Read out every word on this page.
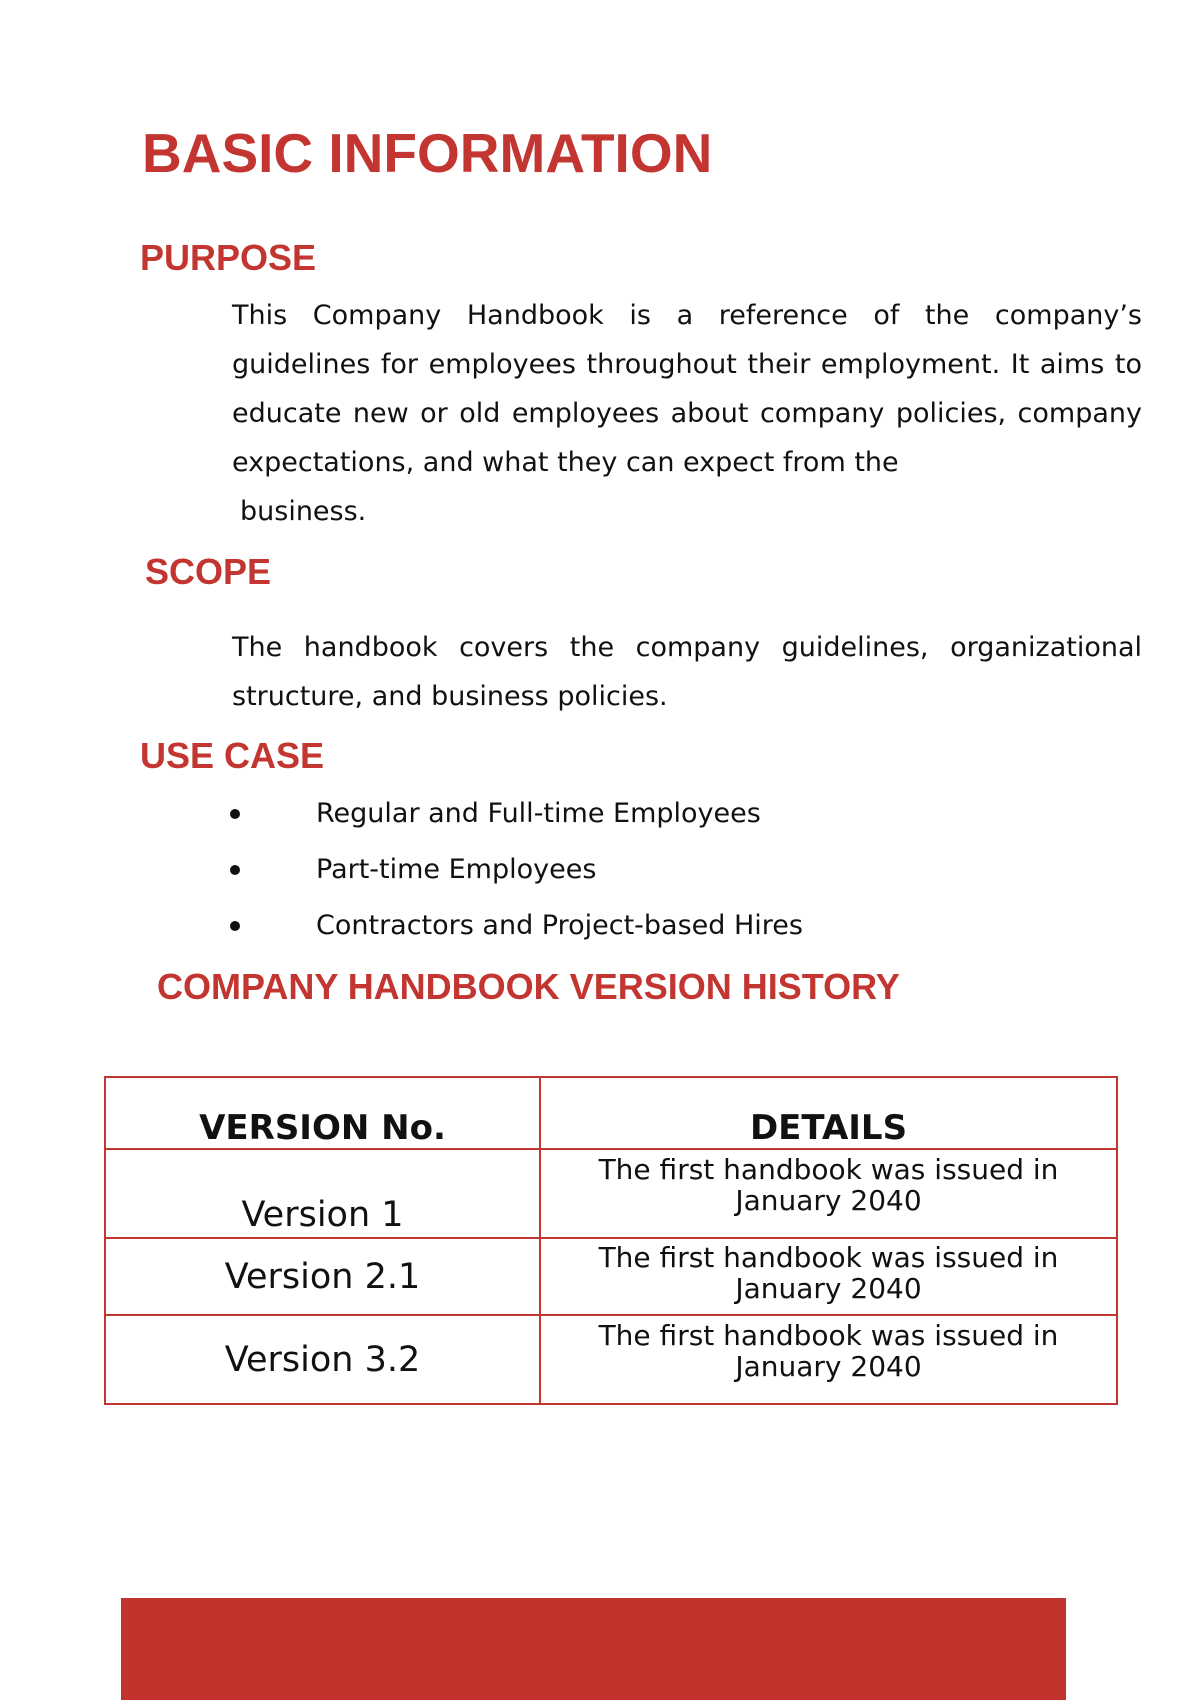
BASIC INFORMATION
PURPOSE

This Company Handbook is a reference of the company’s guidelines for employees throughout their employment. It aims to educate new or old employees about company policies, company expectations, and what they can expect from the
business.

SCOPE

The handbook covers the company guidelines, organizational structure, and business policies.

USE CASE
Regular and Full-time Employees
Part-time Employees
Contractors and Project-based Hires
COMPANY HANDBOOK VERSION HISTORY
VERSION No.	DETAILS
Version 1	The first handbook was issued in
January 2040

Version 2.1	The first handbook was issued in
January 2040

Version 3.2	The first handbook was issued in
January 2040
